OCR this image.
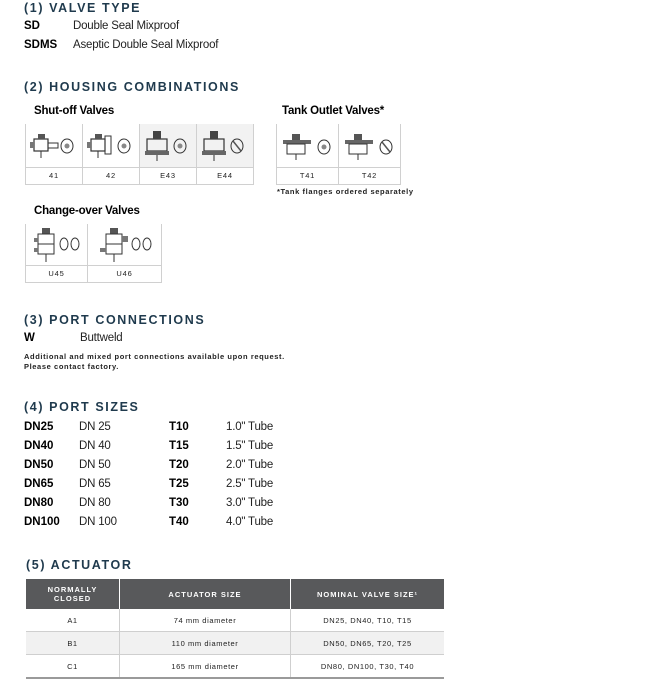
(1) VALVE TYPE
SD	Double Seal Mixproof
SDMS Aseptic Double Seal Mixproof
(2) HOUSING COMBINATIONS
Shut-off Valves
41	42	E43	E44
Tank Outlet Valves*
T41	T42
*Tank flanges ordered separately
Change-over Valves
U45	U46
(3) PORT CONNECTIONS
W	Buttweld
Additional and mixed port connections available upon request.
Please contact factory.
(4) PORT SIZES
DN25 DN 25	T10	1.0" Tube
DN40 DN 40	T15	1.5" Tube
DN50 DN 50	T20	2.0" Tube
DN65 DN 65	T25	2.5" Tube
DN80 DN 80	T30	3.0" Tube
DN100 DN 100	T40	4.0" Tube
(5) ACTUATOR
NORMALLY CLOSED	ACTUATOR SIZE	NOMINAL VALVE SIZE¹
A1	74 mm diameter	DN25, DN40, T10, T15
B1	110 mm diameter	DN50, DN65, T20, T25
C1	165 mm diameter	DN80, DN100, T30, T40
